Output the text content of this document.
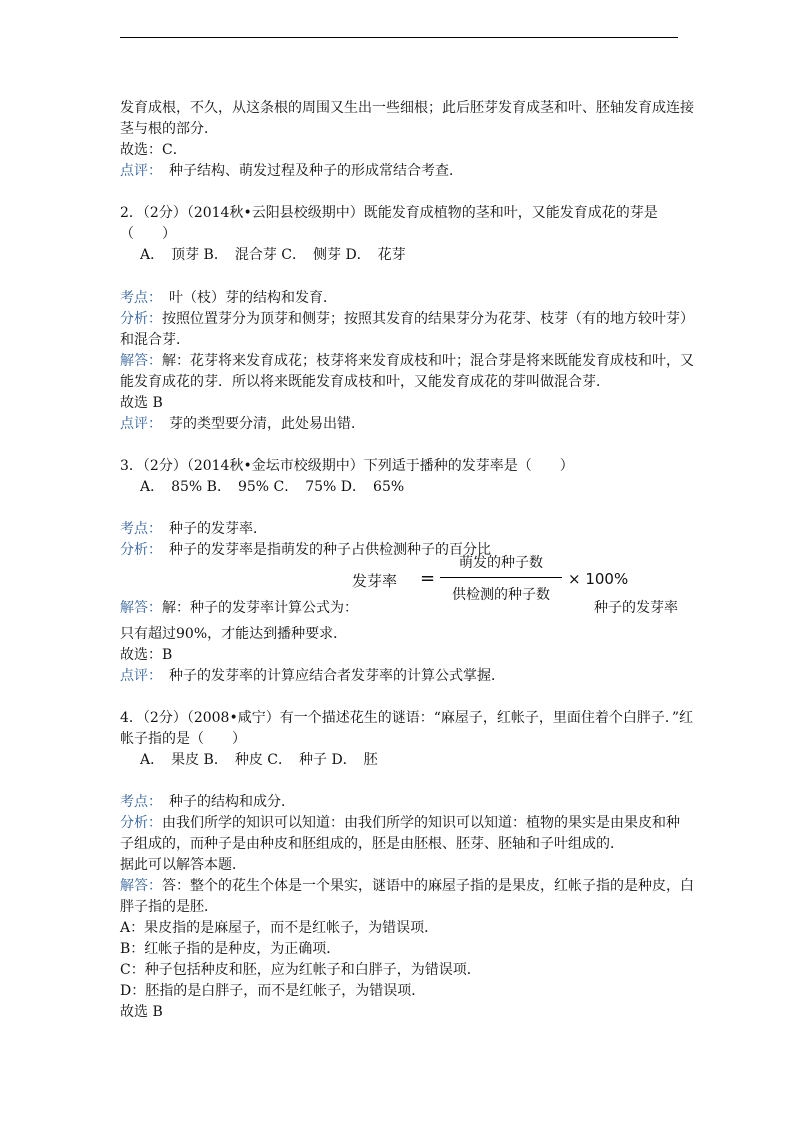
发育成根，不久，从这条根的周围又生出一些细根；此后胚芽发育成茎和叶、胚轴发育成连接
茎与根的部分．
故选：C．
点评：　种子结构、萌发过程及种子的形成常结合考查．
2．（2分）（2014秋•云阳县校级期中）既能发育成植物的茎和叶，又能发育成花的芽是
（　　）
A．　顶芽 B．　混合芽 C．　侧芽 D．　花芽
考点：　叶（枝）芽的结构和发育．
分析：按照位置芽分为顶芽和侧芽；按照其发育的结果芽分为花芽、枝芽（有的地方较叶芽）
和混合芽．
解答：解：花芽将来发育成花；枝芽将来发育成枝和叶；混合芽是将来既能发育成枝和叶，又
能发育成花的芽．所以将来既能发育成枝和叶，又能发育成花的芽叫做混合芽．
故选 B
点评：　芽的类型要分清，此处易出错．
3．（2分）（2014秋•金坛市校级期中）下列适于播种的发芽率是（　　）
A．　85% B．　95% C．　75% D．　65%
考点：　种子的发芽率．
分析：　种子的发芽率是指萌发的种子占供检测种子的百分比
发芽率 =
萌发的种子数
供检测的种子数
× 100%
解答：解：种子的发芽率计算公式为：	种子的发芽率
只有超过90%，才能达到播种要求．
故选：B
点评：　种子的发芽率的计算应结合者发芽率的计算公式掌握．
4．（2分）（2008•咸宁）有一个描述花生的谜语：“麻屋子，红帐子，里面住着个白胖子．”红
帐子指的是（　　）
A．　果皮 B．　种皮 C．　种子 D．　胚
考点：　种子的结构和成分．
分析：由我们所学的知识可以知道：由我们所学的知识可以知道：植物的果实是由果皮和种
子组成的，而种子是由种皮和胚组成的，胚是由胚根、胚芽、胚轴和子叶组成的．
据此可以解答本题．
解答：答：整个的花生个体是一个果实，谜语中的麻屋子指的是果皮，红帐子指的是种皮，白
胖子指的是胚．
A：果皮指的是麻屋子，而不是红帐子，为错误项．
B：红帐子指的是种皮，为正确项．
C：种子包括种皮和胚，应为红帐子和白胖子，为错误项．
D：胚指的是白胖子，而不是红帐子，为错误项．
故选 B
